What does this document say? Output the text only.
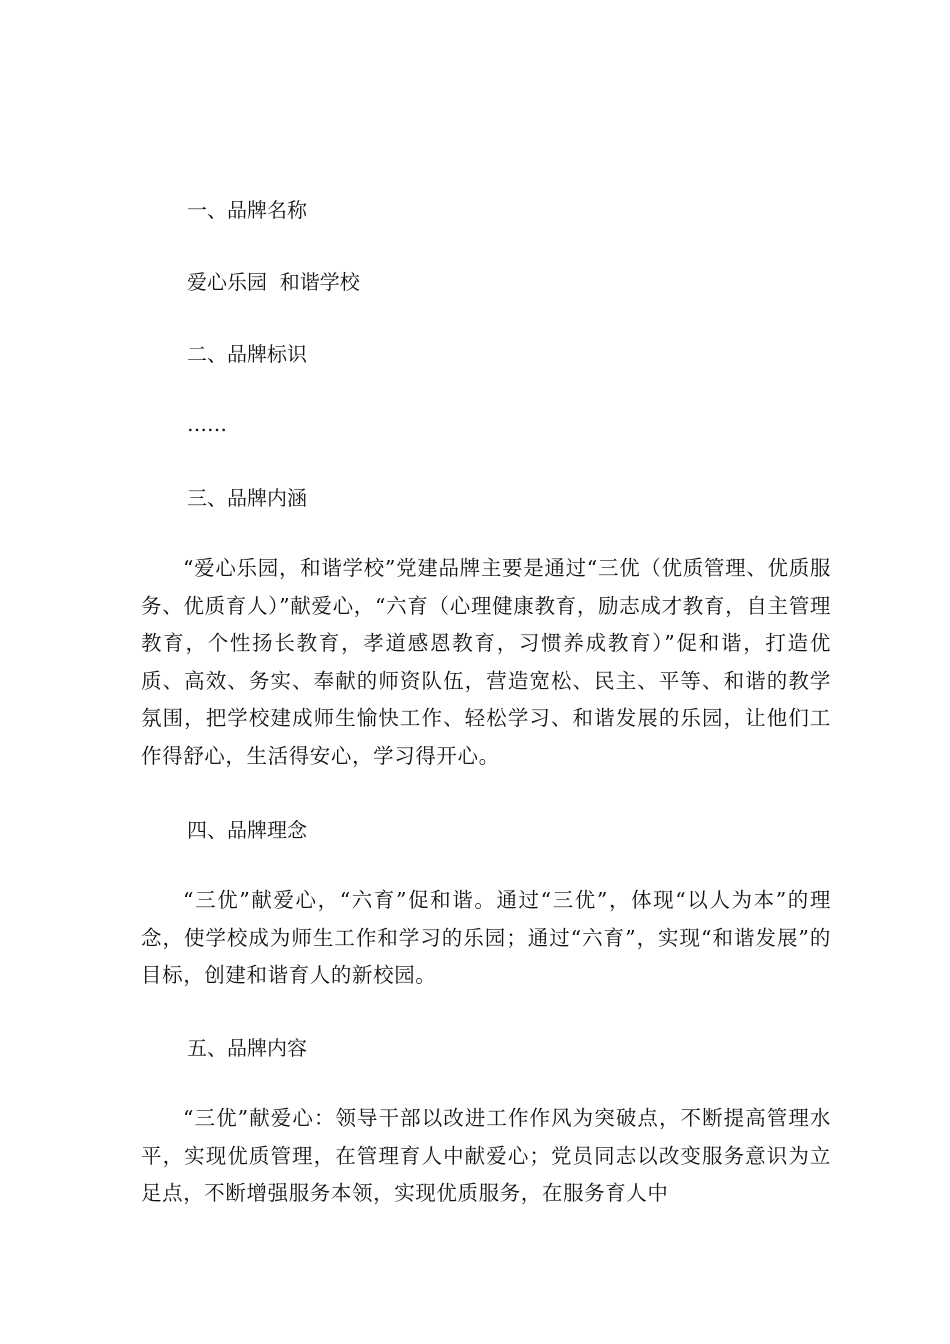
一、品牌名称
爱心乐园  和谐学校
二、品牌标识
……
三、品牌内涵
“爱心乐园，和谐学校”党建品牌主要是通过“三优（优质管理、优质服务、优质育人）”献爱心，“六育（心理健康教育，励志成才教育，自主管理教育，个性扬长教育，孝道感恩教育，习惯养成教育）”促和谐，打造优质、高效、务实、奉献的师资队伍，营造宽松、民主、平等、和谐的教学氛围，把学校建成师生愉快工作、轻松学习、和谐发展的乐园，让他们工作得舒心，生活得安心，学习得开心。
四、品牌理念
“三优”献爱心，“六育”促和谐。通过“三优”，体现“以人为本”的理念，使学校成为师生工作和学习的乐园；通过“六育”，实现“和谐发展”的目标，创建和谐育人的新校园。
五、品牌内容
“三优”献爱心：领导干部以改进工作作风为突破点，不断提高管理水平，实现优质管理，在管理育人中献爱心；党员同志以改变服务意识为立足点，不断增强服务本领，实现优质服务，在服务育人中
